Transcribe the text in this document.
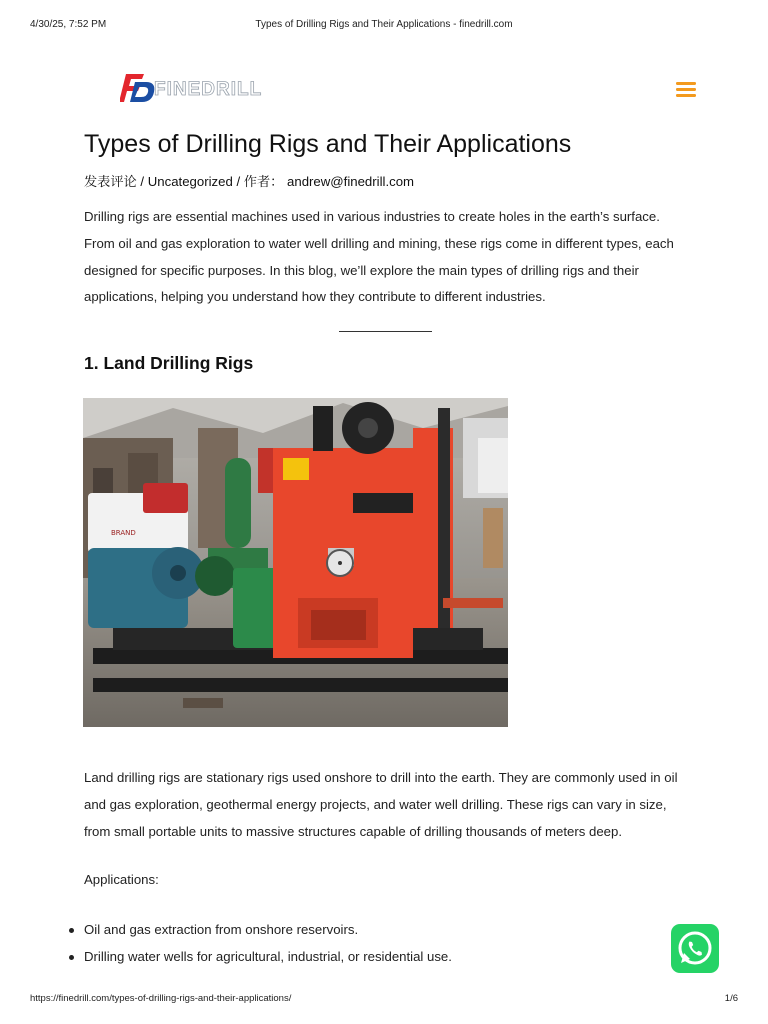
4/30/25, 7:52 PM	Types of Drilling Rigs and Their Applications - finedrill.com
FINEDRILL
Types of Drilling Rigs and Their Applications
发表评论 / Uncategorized / 作者： andrew@finedrill.com

Drilling rigs are essential machines used in various industries to create holes in the earth’s surface. From oil and gas exploration to water well drilling and mining, these rigs come in different types, each designed for specific purposes. In this blog, we’ll explore the main types of drilling rigs and their applications, helping you understand how they contribute to different industries.

1. Land Drilling Rigs
BRAND

Land drilling rigs are stationary rigs used onshore to drill into the earth. They are commonly used in oil and gas exploration, geothermal energy projects, and water well drilling. These rigs can vary in size, from small portable units to massive structures capable of drilling thousands of meters deep.

Applications:

Oil and gas extraction from onshore reservoirs.
Drilling water wells for agricultural, industrial, or residential use.
https://finedrill.com/types-of-drilling-rigs-and-their-applications/	1/6
